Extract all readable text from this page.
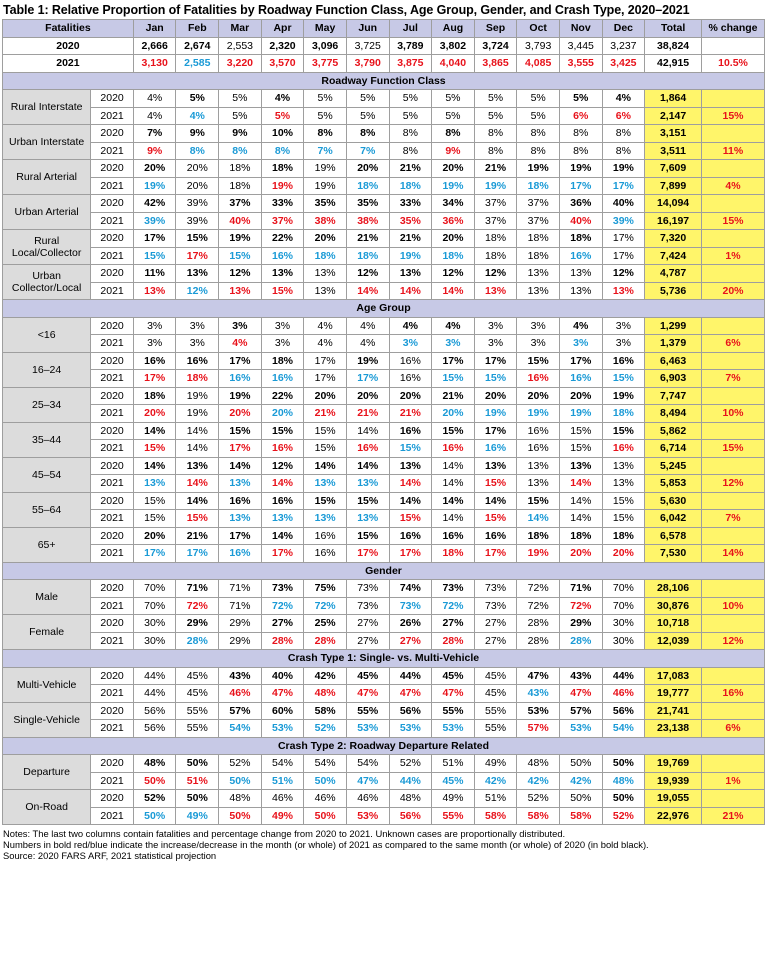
Table 1: Relative Proportion of Fatalities by Roadway Function Class, Age Group, Gender, and Crash Type, 2020–2021
Fatalities		Jan	Feb	Mar	Apr	May	Jun	Jul	Aug	Sep	Oct	Nov	Dec	Total	% change
2020		2,666	2,674	2,553	2,320	3,096	3,725	3,789	3,802	3,724	3,793	3,445	3,237	38,824	
2021		3,130	2,585	3,220	3,570	3,775	3,790	3,875	4,040	3,865	4,085	3,555	3,425	42,915	10.5%
Roadway Function Class															
Rural Interstate	2020	4%	5%	5%	4%	5%	5%	5%	5%	5%	5%	5%	4%	1,864	
	2021	4%	4%	5%	5%	5%	5%	5%	5%	5%	5%	6%	6%	2,147	15%
Urban Interstate	2020	7%	9%	9%	10%	8%	8%	8%	8%	8%	8%	8%	8%	3,151	
	2021	9%	8%	8%	8%	7%	7%	8%	9%	8%	8%	8%	8%	3,511	11%
Rural Arterial	2020	20%	20%	18%	18%	19%	20%	21%	20%	21%	19%	19%	19%	7,609	
	2021	19%	20%	18%	19%	19%	18%	18%	19%	19%	18%	17%	17%	7,899	4%
Urban Arterial	2020	42%	39%	37%	33%	35%	35%	33%	34%	37%	37%	36%	40%	14,094	
	2021	39%	39%	40%	37%	38%	38%	35%	36%	37%	37%	40%	39%	16,197	15%
Rural Local/Collector	2020	17%	15%	19%	22%	20%	21%	21%	20%	18%	18%	18%	17%	7,320	
	2021	15%	17%	15%	16%	18%	18%	19%	18%	18%	18%	16%	17%	7,424	1%
Urban Collector/Local	2020	11%	13%	12%	13%	13%	12%	13%	12%	12%	13%	13%	12%	4,787	
	2021	13%	12%	13%	15%	13%	14%	14%	14%	13%	13%	13%	13%	5,736	20%
Age Group															
<16	2020	3%	3%	3%	3%	4%	4%	4%	4%	3%	3%	4%	3%	1,299	
	2021	3%	3%	4%	3%	4%	4%	3%	3%	3%	3%	3%	3%	1,379	6%
16–24	2020	16%	16%	17%	18%	17%	19%	16%	17%	17%	15%	17%	16%	6,463	
	2021	17%	18%	16%	16%	17%	17%	16%	15%	15%	16%	16%	15%	6,903	7%
25–34	2020	18%	19%	19%	22%	20%	20%	20%	21%	20%	20%	20%	19%	7,747	
	2021	20%	19%	20%	20%	21%	21%	21%	20%	19%	19%	19%	18%	8,494	10%
35–44	2020	14%	14%	15%	15%	15%	14%	16%	15%	17%	16%	15%	15%	5,862	
	2021	15%	14%	17%	16%	15%	16%	15%	16%	16%	16%	15%	16%	6,714	15%
45–54	2020	14%	13%	14%	12%	14%	14%	13%	14%	13%	13%	13%	13%	5,245	
	2021	13%	14%	13%	14%	13%	13%	14%	14%	15%	13%	14%	13%	5,853	12%
55–64	2020	15%	14%	16%	16%	15%	15%	14%	14%	14%	15%	14%	15%	5,630	
	2021	15%	15%	13%	13%	13%	13%	15%	14%	15%	14%	14%	15%	6,042	7%
65+	2020	20%	21%	17%	14%	16%	15%	16%	16%	16%	18%	18%	18%	6,578	
	2021	17%	17%	16%	17%	16%	17%	17%	18%	17%	19%	20%	20%	7,530	14%
Gender															
Male	2020	70%	71%	71%	73%	75%	73%	74%	73%	73%	72%	71%	70%	28,106	
	2021	70%	72%	71%	72%	72%	73%	73%	72%	73%	72%	72%	70%	30,876	10%
Female	2020	30%	29%	29%	27%	25%	27%	26%	27%	27%	28%	29%	30%	10,718	
	2021	30%	28%	29%	28%	28%	27%	27%	28%	27%	28%	28%	30%	12,039	12%
Crash Type 1: Single- vs. Multi-Vehicle															
Multi-Vehicle	2020	44%	45%	43%	40%	42%	45%	44%	45%	45%	47%	43%	44%	17,083	
	2021	44%	45%	46%	47%	48%	47%	47%	47%	45%	43%	47%	46%	19,777	16%
Single-Vehicle	2020	56%	55%	57%	60%	58%	55%	56%	55%	55%	53%	57%	56%	21,741	
	2021	56%	55%	54%	53%	52%	53%	53%	53%	55%	57%	53%	54%	23,138	6%
Crash Type 2: Roadway Departure Related															
Departure	2020	48%	50%	52%	54%	54%	54%	52%	51%	49%	48%	50%	50%	19,769	
	2021	50%	51%	50%	51%	50%	47%	44%	45%	42%	42%	42%	48%	19,939	1%
On-Road	2020	52%	50%	48%	46%	46%	46%	48%	49%	51%	52%	50%	50%	19,055	
	2021	50%	49%	50%	49%	50%	53%	56%	55%	58%	58%	58%	52%	22,976	21%
Notes: The last two columns contain fatalities and percentage change from 2020 to 2021. Unknown cases are proportionally distributed.
Numbers in bold red/blue indicate the increase/decrease in the month (or whole) of 2021 as compared to the same month (or whole) of 2020 (in bold black).
Source: 2020 FARS ARF, 2021 statistical projection
